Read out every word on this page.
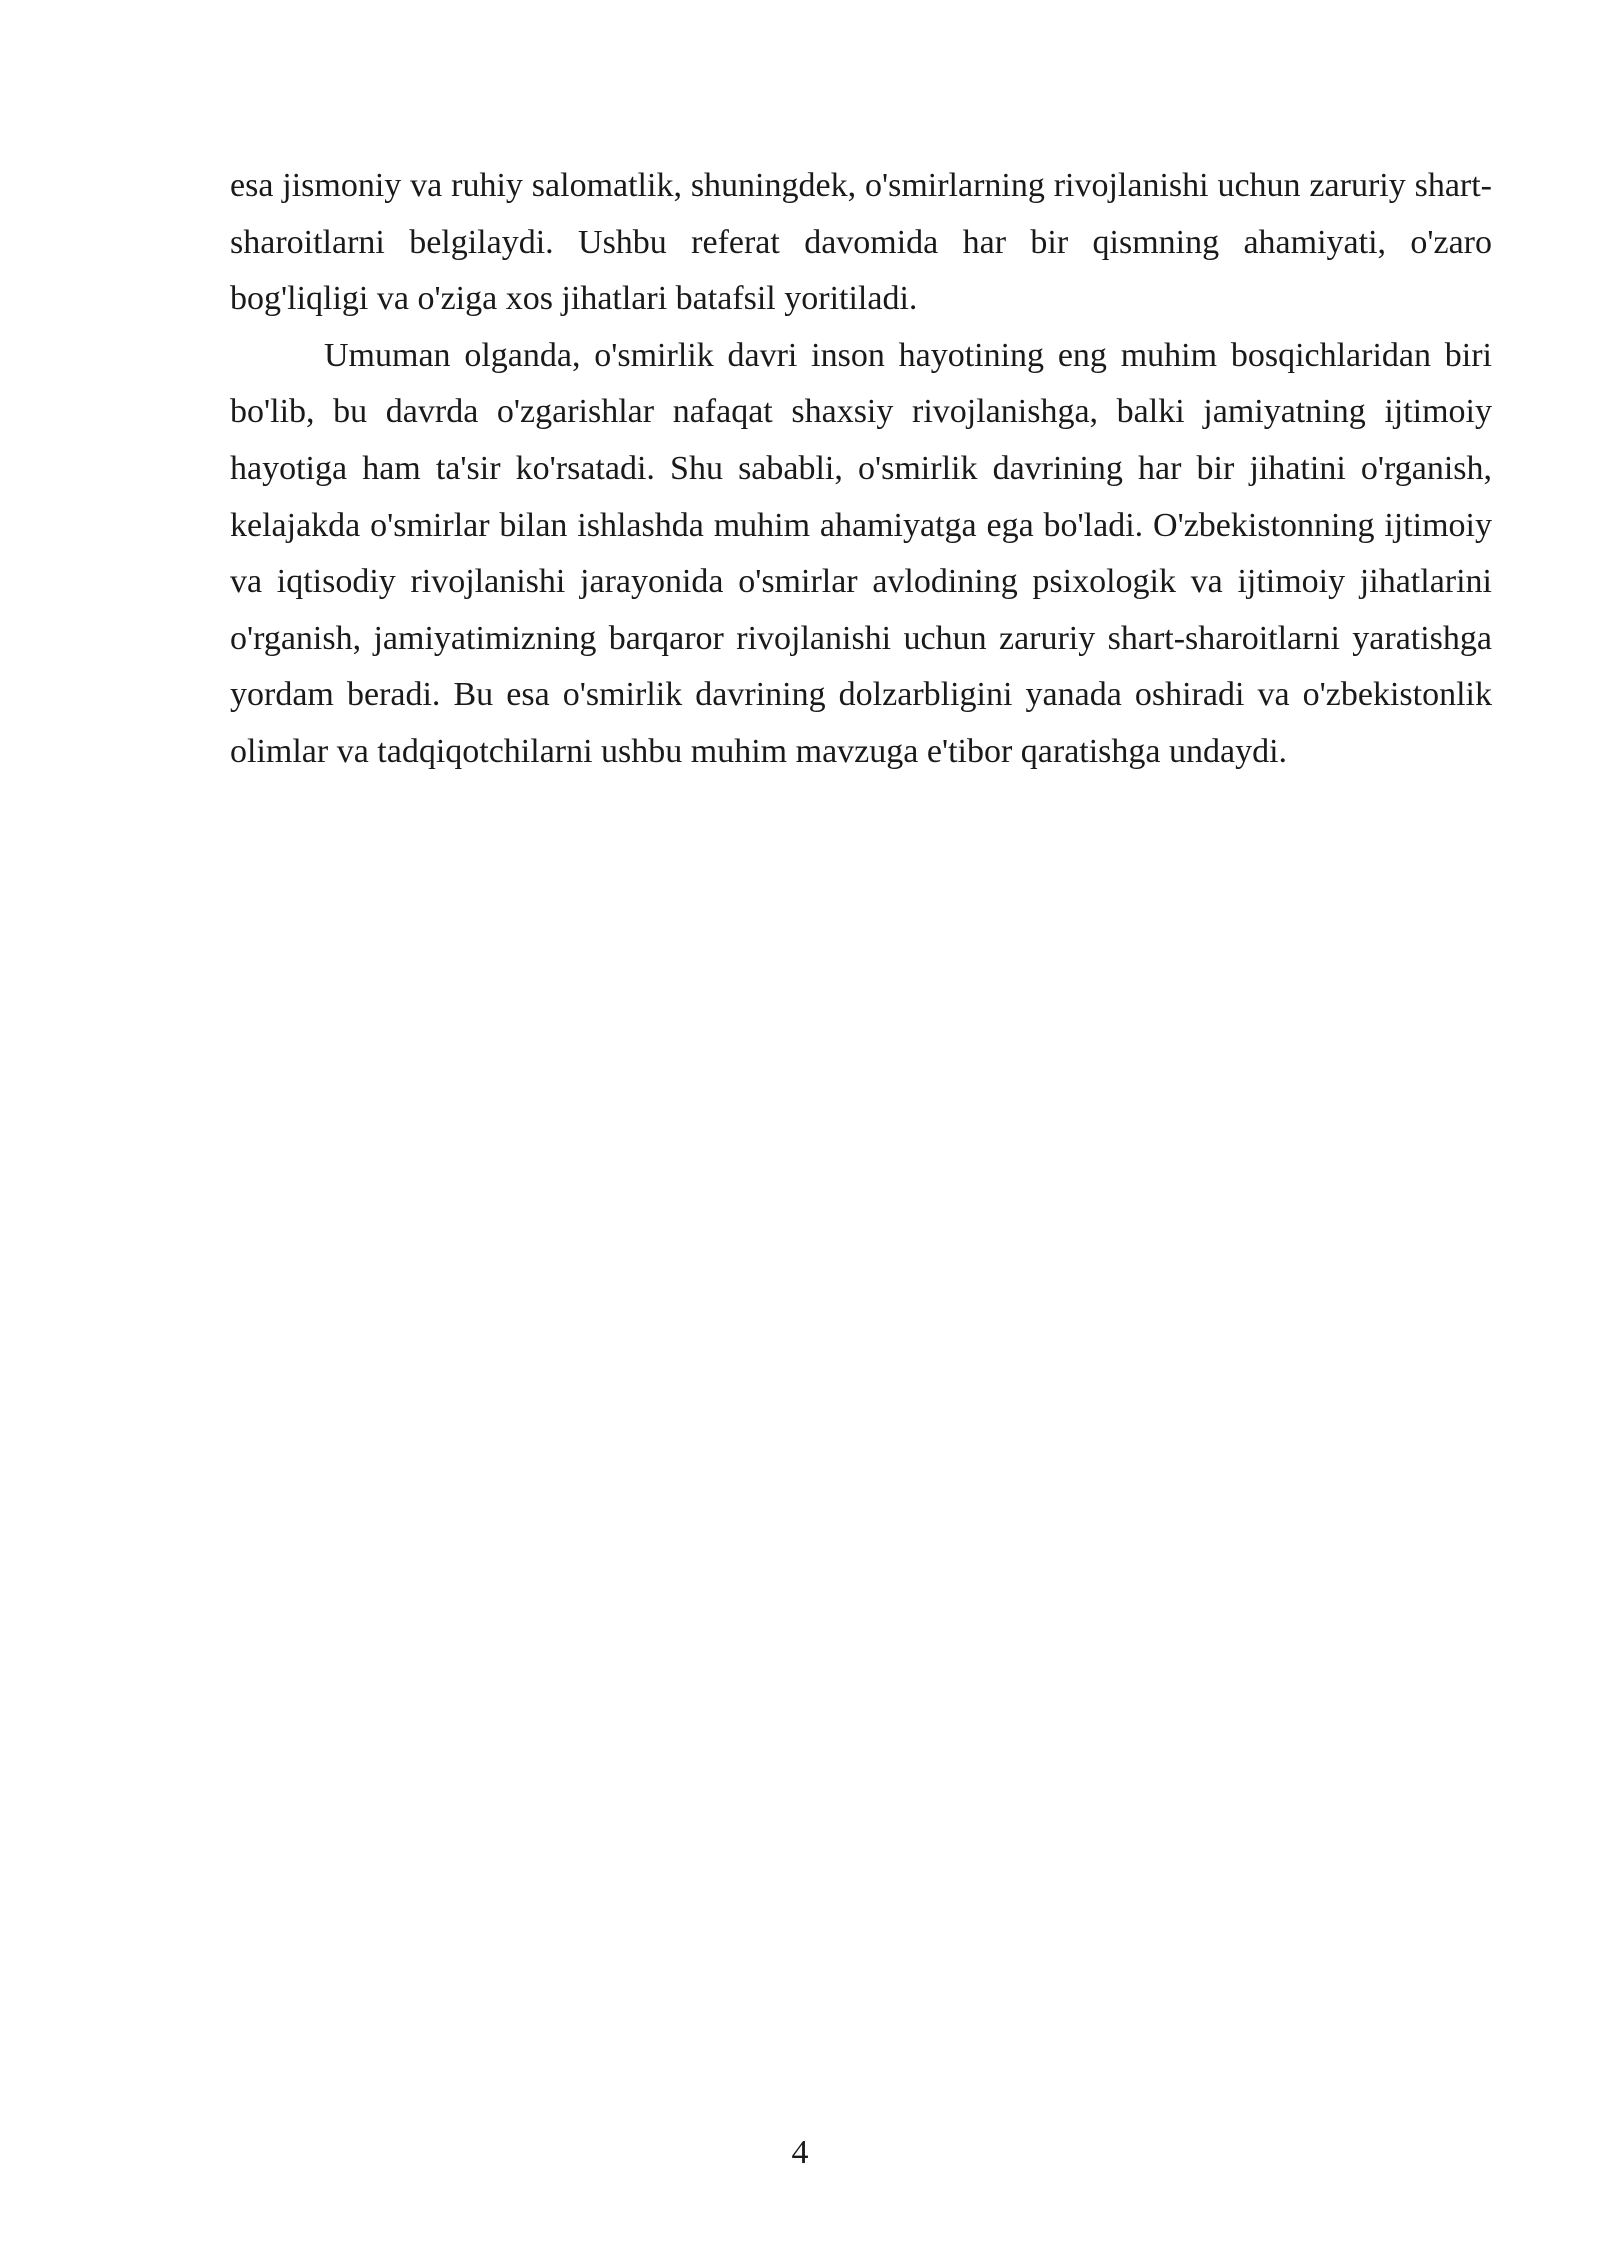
esa jismoniy va ruhiy salomatlik, shuningdek, o'smirlarning rivojlanishi uchun zaruriy shart-sharoitlarni belgilaydi. Ushbu referat davomida har bir qismning ahamiyati, o'zaro bog'liqligi va o'ziga xos jihatlari batafsil yoritiladi.

Umuman olganda, o'smirlik davri inson hayotining eng muhim bosqichlaridan biri bo'lib, bu davrda o'zgarishlar nafaqat shaxsiy rivojlanishga, balki jamiyatning ijtimoiy hayotiga ham ta'sir ko'rsatadi. Shu sababli, o'smirlik davrining har bir jihatini o'rganish, kelajakda o'smirlar bilan ishlashda muhim ahamiyatga ega bo'ladi. O'zbekistonning ijtimoiy va iqtisodiy rivojlanishi jarayonida o'smirlar avlodining psixologik va ijtimoiy jihatlarini o'rganish, jamiyatimizning barqaror rivojlanishi uchun zaruriy shart-sharoitlarni yaratishga yordam beradi. Bu esa o'smirlik davrining dolzarbligini yanada oshiradi va o'zbekistonlik olimlar va tadqiqotchilarni ushbu muhim mavzuga e'tibor qaratishga undaydi.

4
